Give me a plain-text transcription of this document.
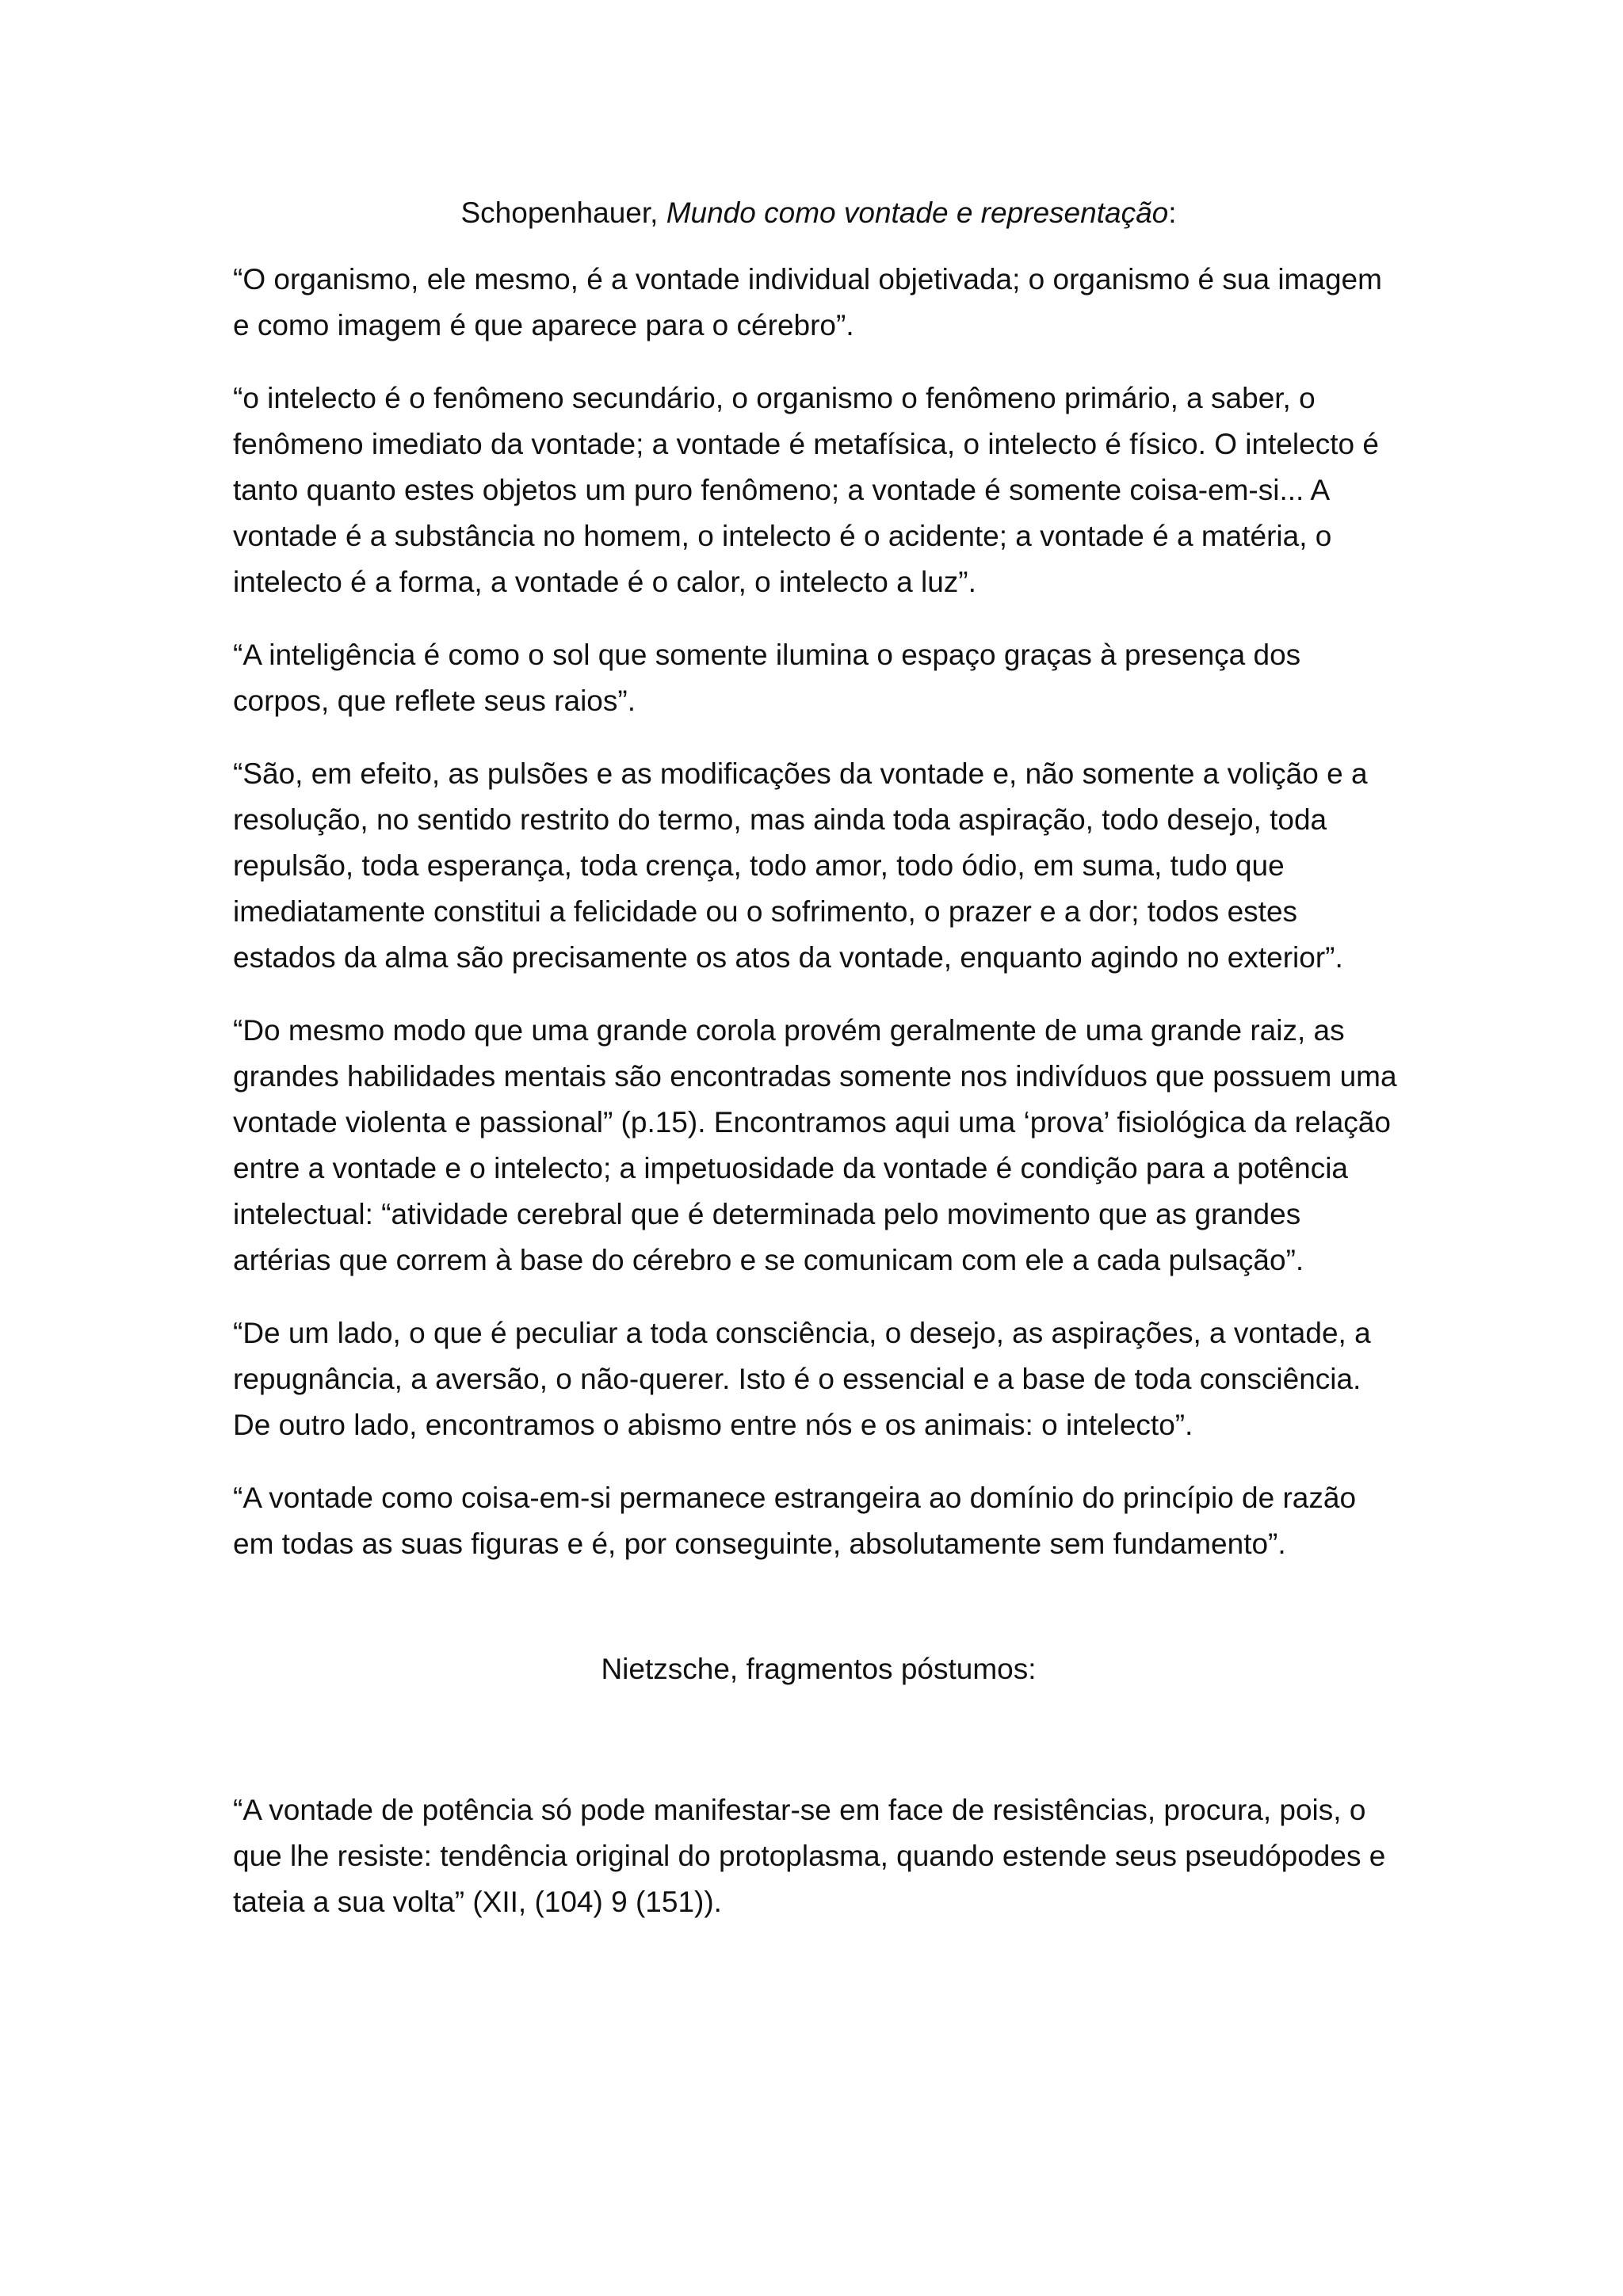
Schopenhauer, Mundo como vontade e representação:

“O organismo, ele mesmo, é a vontade individual objetivada; o organismo é sua imagem e como imagem é que aparece para o cérebro”.

“o intelecto é o fenômeno secundário, o organismo o fenômeno primário, a saber, o fenômeno imediato da vontade; a vontade é metafísica, o intelecto é físico. O intelecto é tanto quanto estes objetos um puro fenômeno; a vontade é somente coisa-em-si... A vontade é a substância no homem, o intelecto é o acidente; a vontade é a matéria, o intelecto é a forma, a vontade é o calor, o intelecto a luz”.

“A inteligência é como o sol que somente ilumina o espaço graças à presença dos corpos, que reflete seus raios”.

“São, em efeito, as pulsões e as modificações da vontade e, não somente a volição e a resolução, no sentido restrito do termo, mas ainda toda aspiração, todo desejo, toda repulsão, toda esperança, toda crença, todo amor, todo ódio, em suma, tudo que imediatamente constitui a felicidade ou o sofrimento, o prazer e a dor; todos estes estados da alma são precisamente os atos da vontade, enquanto agindo no exterior”.

“Do mesmo modo que uma grande corola provém geralmente de uma grande raiz, as grandes habilidades mentais são encontradas somente nos indivíduos que possuem uma vontade violenta e passional” (p.15). Encontramos aqui uma ‘prova’ fisiológica da relação entre a vontade e o intelecto; a impetuosidade da vontade é condição para a potência intelectual: “atividade cerebral que é determinada pelo movimento que as grandes artérias que correm à base do cérebro e se comunicam com ele a cada pulsação”.

“De um lado, o que é peculiar a toda consciência, o desejo, as aspirações, a vontade, a repugnância, a aversão, o não-querer. Isto é o essencial e a base de toda consciência. De outro lado, encontramos o abismo entre nós e os animais: o intelecto”.

“A vontade como coisa-em-si permanece estrangeira ao domínio do princípio de razão em todas as suas figuras e é, por conseguinte, absolutamente sem fundamento”.

Nietzsche, fragmentos póstumos:

“A vontade de potência só pode manifestar-se em face de resistências, procura, pois, o que lhe resiste: tendência original do protoplasma, quando estende seus pseudópodes e tateia a sua volta” (XII, (104) 9 (151)).
